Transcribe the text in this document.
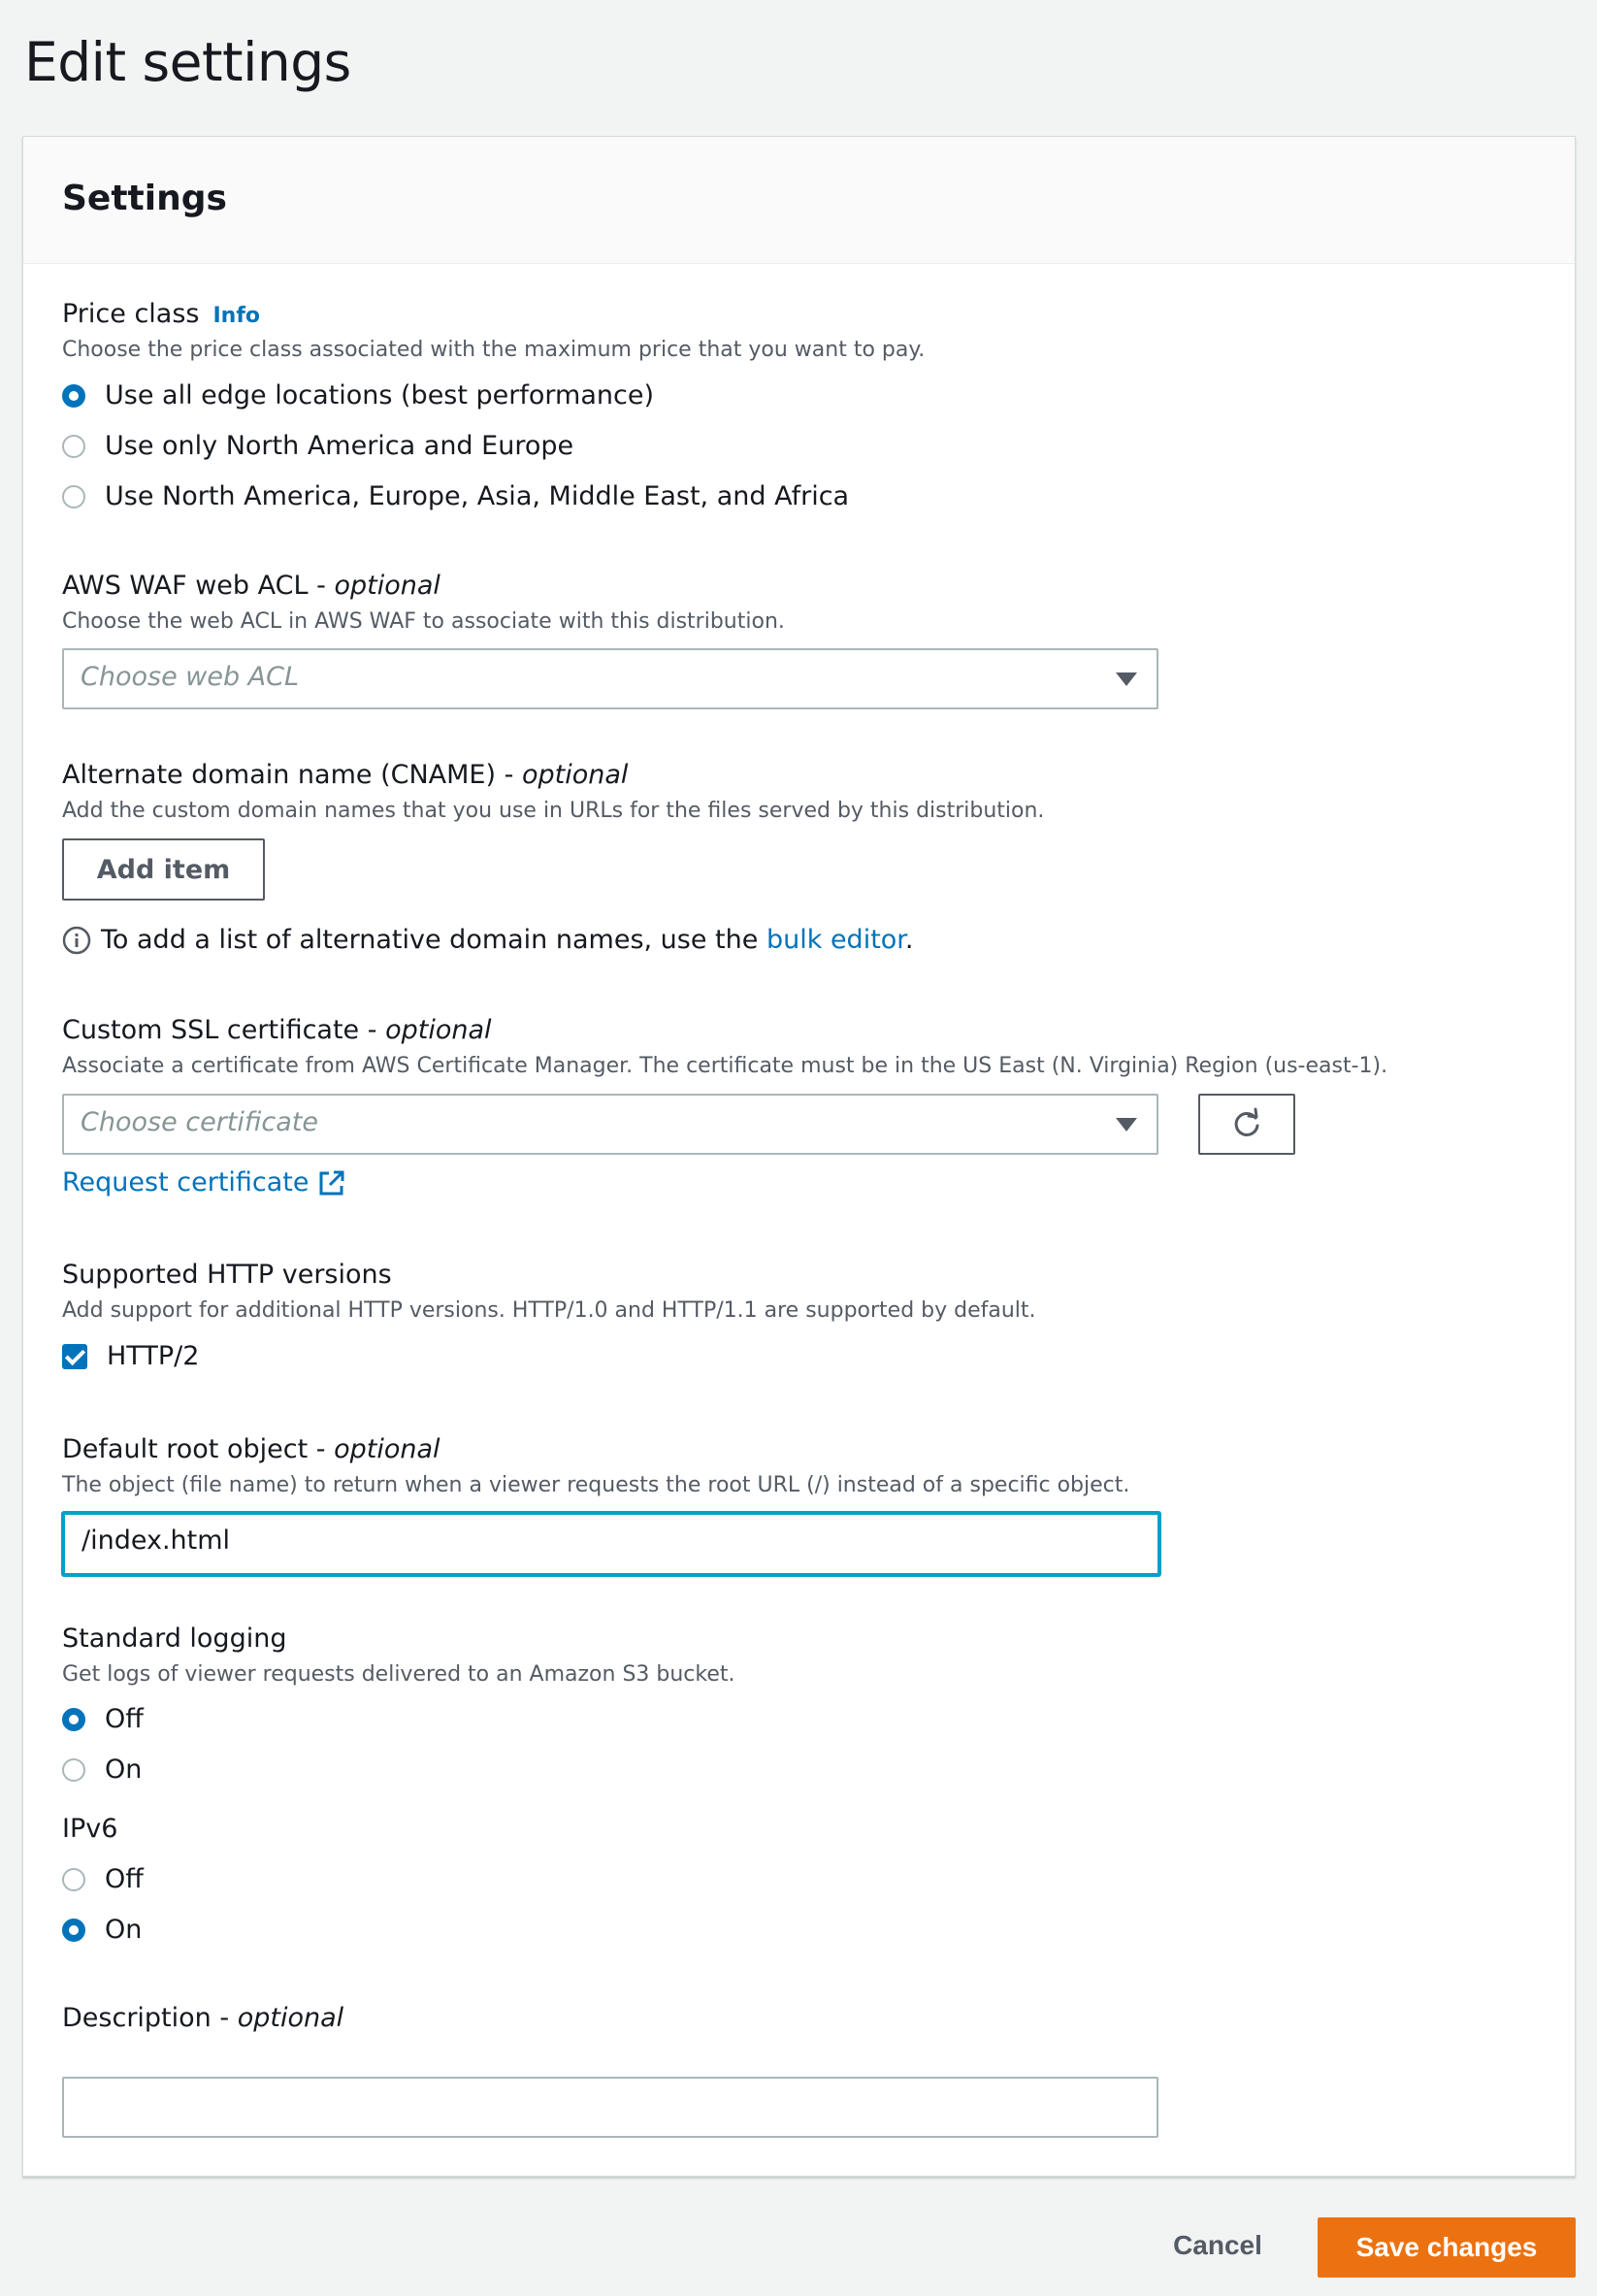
Edit settings
Settings
Price class Info
Choose the price class associated with the maximum price that you want to pay.
Use all edge locations (best performance)
Use only North America and Europe
Use North America, Europe, Asia, Middle East, and Africa
AWS WAF web ACL - optional
Choose the web ACL in AWS WAF to associate with this distribution.
Choose web ACL
Alternate domain name (CNAME) - optional
Add the custom domain names that you use in URLs for the files served by this distribution.
Add item
To add a list of alternative domain names, use the bulk editor.
Custom SSL certificate - optional
Associate a certificate from AWS Certificate Manager. The certificate must be in the US East (N. Virginia) Region (us-east-1).
Choose certificate
Request certificate
Supported HTTP versions
Add support for additional HTTP versions. HTTP/1.0 and HTTP/1.1 are supported by default.
HTTP/2
Default root object - optional
The object (file name) to return when a viewer requests the root URL (/) instead of a specific object.
/index.html
Standard logging
Get logs of viewer requests delivered to an Amazon S3 bucket.
Off
On
IPv6
Off
On
Description - optional
Cancel	Save changes
